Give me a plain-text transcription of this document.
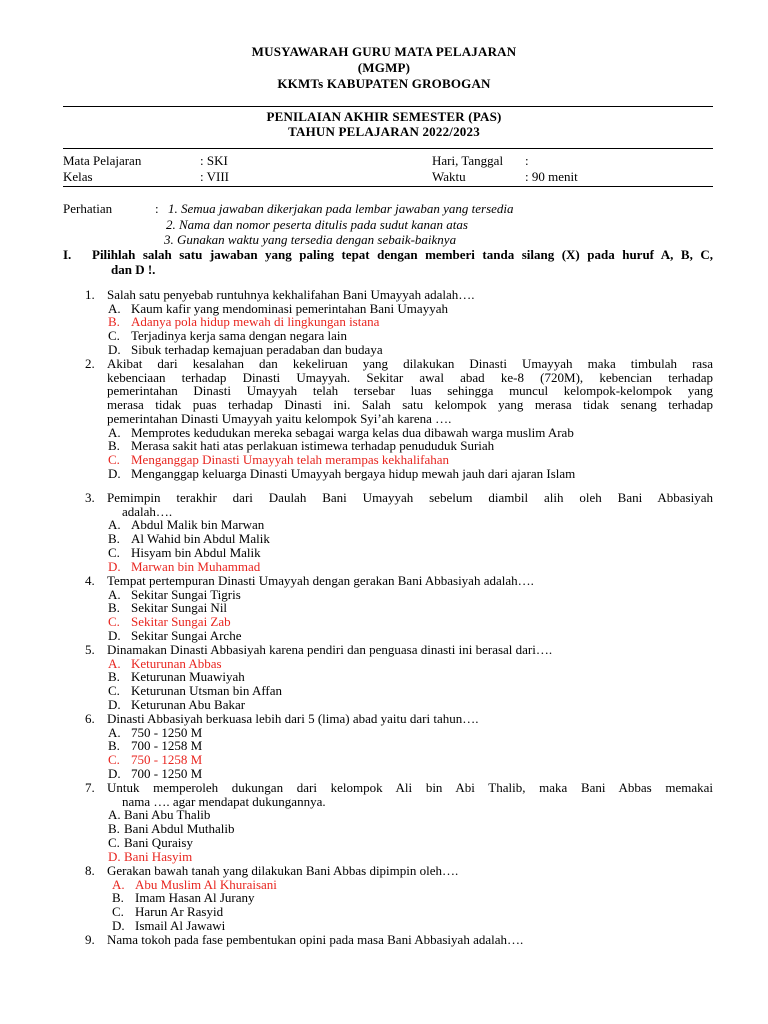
MUSYAWARAH GURU MATA PELAJARAN
(MGMP)
KKMTs KABUPATEN GROBOGAN
PENILAIAN AKHIR SEMESTER (PAS)
TAHUN PELAJARAN 2022/2023
Mata Pelajaran	: SKI
Kelas	: VIII
Hari, Tanggal :
Waktu	: 90 menit
Perhatian	: 1. Semua jawaban dikerjakan pada lembar jawaban yang tersedia
2. Nama dan nomor peserta ditulis pada sudut kanan atas
3. Gunakan waktu yang tersedia dengan sebaik-baiknya
I. Pilihlah salah satu jawaban yang paling tepat dengan memberi tanda silang (X) pada huruf A, B, C,
dan D !.
1. Salah satu penyebab runtuhnya kekhalifahan Bani Umayyah adalah….
A. Kaum kafir yang mendominasi pemerintahan Bani Umayyah
B. Adanya pola hidup mewah di lingkungan istana
C. Terjadinya kerja sama dengan negara lain
D. Sibuk terhadap kemajuan peradaban dan budaya
2. Akibat dari kesalahan dan kekeliruan yang dilakukan Dinasti Umayyah maka timbulah rasa
kebenciaan terhadap Dinasti Umayyah. Sekitar awal abad ke-8 (720M), kebencian terhadap
pemerintahan Dinasti Umayyah telah tersebar luas sehingga muncul kelompok-kelompok yang
merasa tidak puas terhadap Dinasti ini. Salah satu kelompok yang merasa tidak senang terhadap
pemerintahan Dinasti Umayyah yaitu kelompok Syi’ah karena ….
A. Memprotes kedudukan mereka sebagai warga kelas dua dibawah warga muslim Arab
B. Merasa sakit hati atas perlakuan istimewa terhadap penududuk Suriah
C. Menganggap Dinasti Umayyah telah merampas kekhalifahan
D. Menganggap keluarga Dinasti Umayyah bergaya hidup mewah jauh dari ajaran Islam
3. Pemimpin terakhir dari Daulah Bani Umayyah sebelum diambil alih oleh Bani Abbasiyah
adalah….
A. Abdul Malik bin Marwan
B. Al Wahid bin Abdul Malik
C. Hisyam bin Abdul Malik
D. Marwan bin Muhammad
4. Tempat pertempuran Dinasti Umayyah dengan gerakan Bani Abbasiyah adalah….
A. Sekitar Sungai Tigris
B. Sekitar Sungai Nil
C. Sekitar Sungai Zab
D. Sekitar Sungai Arche
5. Dinamakan Dinasti Abbasiyah karena pendiri dan penguasa dinasti ini berasal dari….
A. Keturunan Abbas
B. Keturunan Muawiyah
C. Keturunan Utsman bin Affan
D. Keturunan Abu Bakar
6. Dinasti Abbasiyah berkuasa lebih dari 5 (lima) abad yaitu dari tahun….
A. 750 - 1250 M
B. 700 - 1258 M
C. 750 - 1258 M
D. 700 - 1250 M
7. Untuk memperoleh dukungan dari kelompok Ali bin Abi Thalib, maka Bani Abbas memakai
nama …. agar mendapat dukungannya.
A. Bani Abu Thalib
B. Bani Abdul Muthalib
C. Bani Quraisy
D. Bani Hasyim
8. Gerakan bawah tanah yang dilakukan Bani Abbas dipimpin oleh….
A. Abu Muslim Al Khuraisani
B. Imam Hasan Al Jurany
C. Harun Ar Rasyid
D. Ismail Al Jawawi
9. Nama tokoh pada fase pembentukan opini pada masa Bani Abbasiyah adalah….
